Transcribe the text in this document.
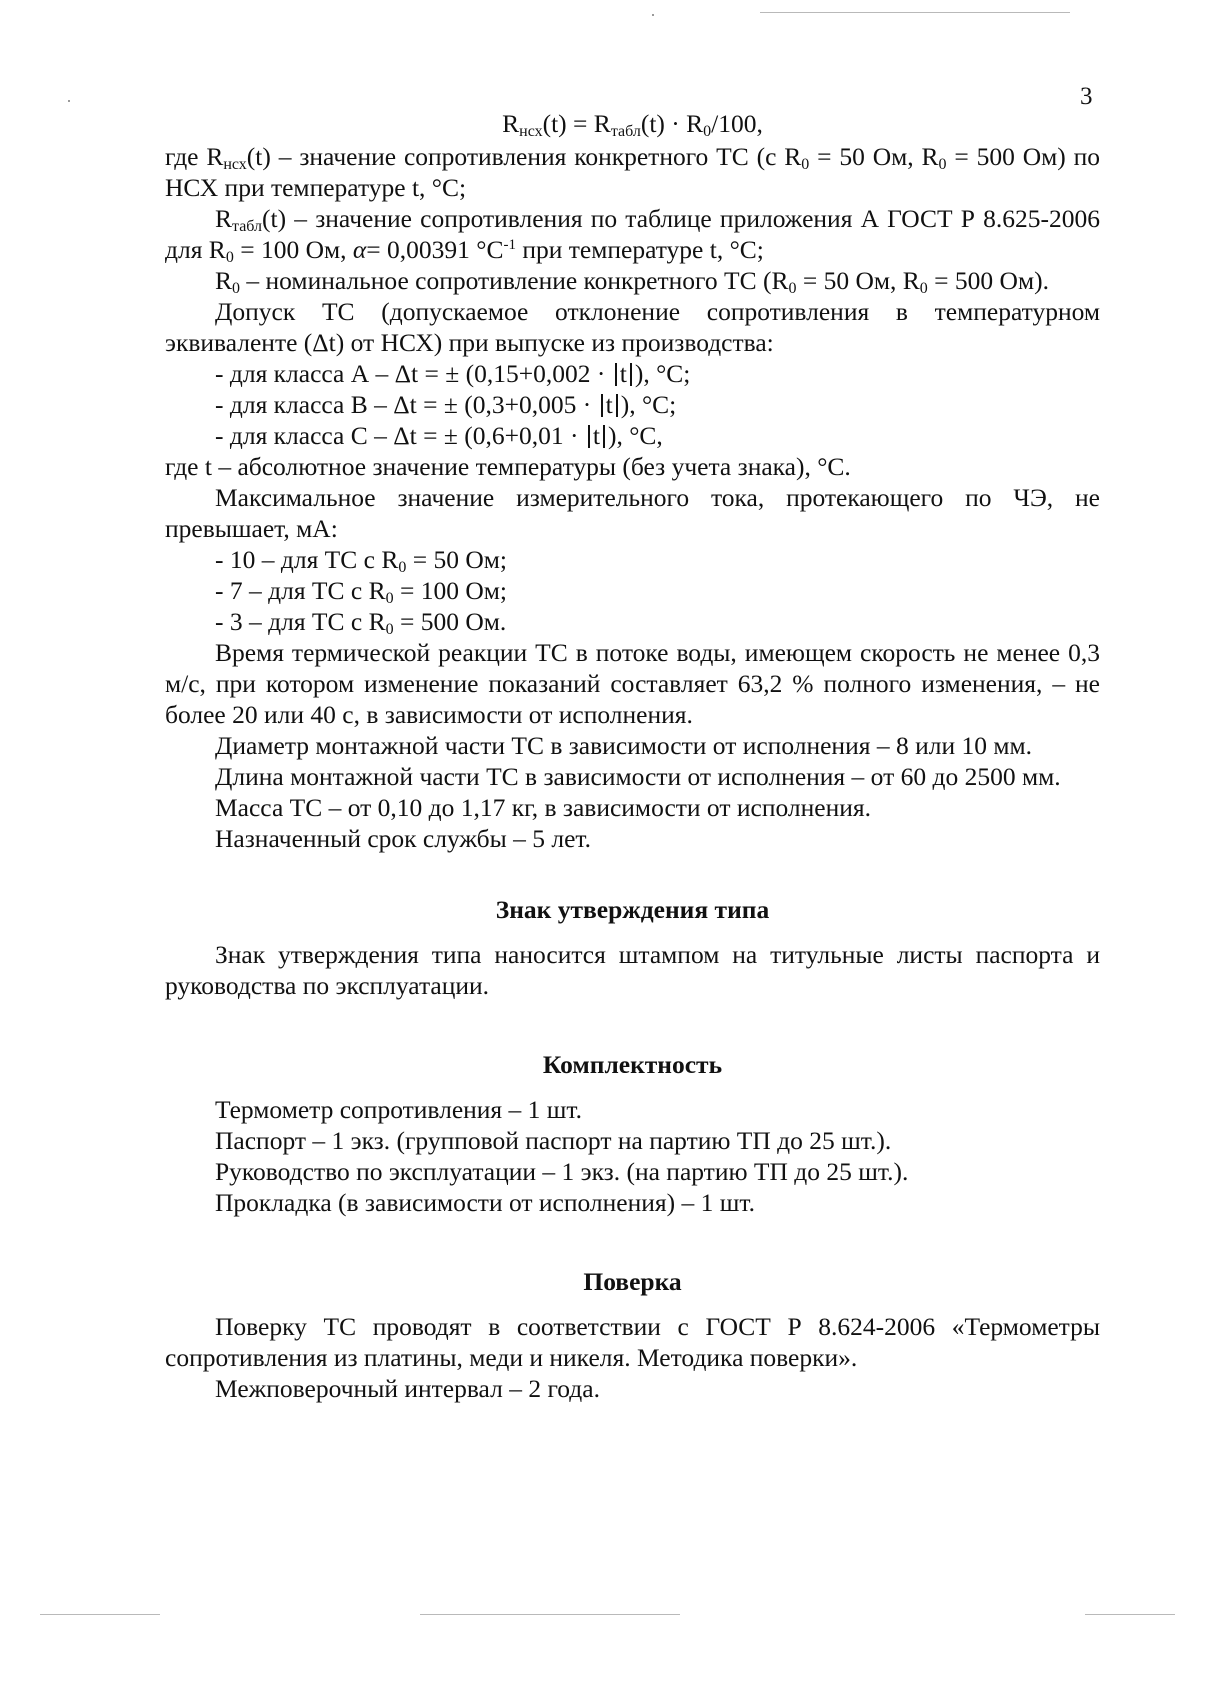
3
$R_{нсх}(t) = R_{табл}(t) \cdot R_0/100$,

где $R_{нсх}(t)$ – значение сопротивления конкретного ТС (с $R_0 = 50$ Ом, $R_0 = 500$ Ом) по НСХ при температуре t, °С;

$R_{табл}(t)$ – значение сопротивления по таблице приложения А ГОСТ Р 8.625-2006 для $R_0 = 100$ Ом, α= 0,00391 $^\circ С^{-1}$ при температуре t, °С;

$R_0$ – номинальное сопротивление конкретного ТС ($R_0 = 50$ Ом, $R_0 = 500$ Ом).

Допуск ТС (допускаемое отклонение сопротивления в температурном эквиваленте (Δt) от НСХ) при выпуске из производства:

- для класса А – Δt = ± (0,15+0,002 · t ), °С;
- для класса В – Δt = ± (0,3+0,005 · t ), °С;
- для класса С – Δt = ± (0,6+0,01 · t ), °С,

где t – абсолютное значение температуры (без учета знака), °С.

Максимальное значение измерительного тока, протекающего по ЧЭ, не превышает, мА:

- 10 – для ТС с $R_0 = 50$ Ом;
- 7 – для ТС с $R_0 = 100$ Ом;
- 3 – для ТС с $R_0 = 500$ Ом.

Время термической реакции ТС в потоке воды, имеющем скорость не менее 0,3 м/с, при котором изменение показаний составляет 63,2 % полного изменения, – не более 20 или 40 с, в зависимости от исполнения.

Диаметр монтажной части ТС в зависимости от исполнения – 8 или 10 мм.

Длина монтажной части ТС в зависимости от исполнения – от 60 до 2500 мм.

Масса ТС – от 0,10 до 1,17 кг, в зависимости от исполнения.

Назначенный срок службы – 5 лет.

Знак утверждения типа

Знак утверждения типа наносится штампом на титульные листы паспорта и руководства по эксплуатации.

Комплектность
Термометр сопротивления – 1 шт.
Паспорт – 1 экз. (групповой паспорт на партию ТП до 25 шт.).
Руководство по эксплуатации – 1 экз. (на партию ТП до 25 шт.).
Прокладка (в зависимости от исполнения) – 1 шт.
Поверка

Поверку ТС проводят в соответствии с ГОСТ Р 8.624-2006 «Термометры сопротивления из платины, меди и никеля. Методика поверки».

Межповерочный интервал – 2 года.
